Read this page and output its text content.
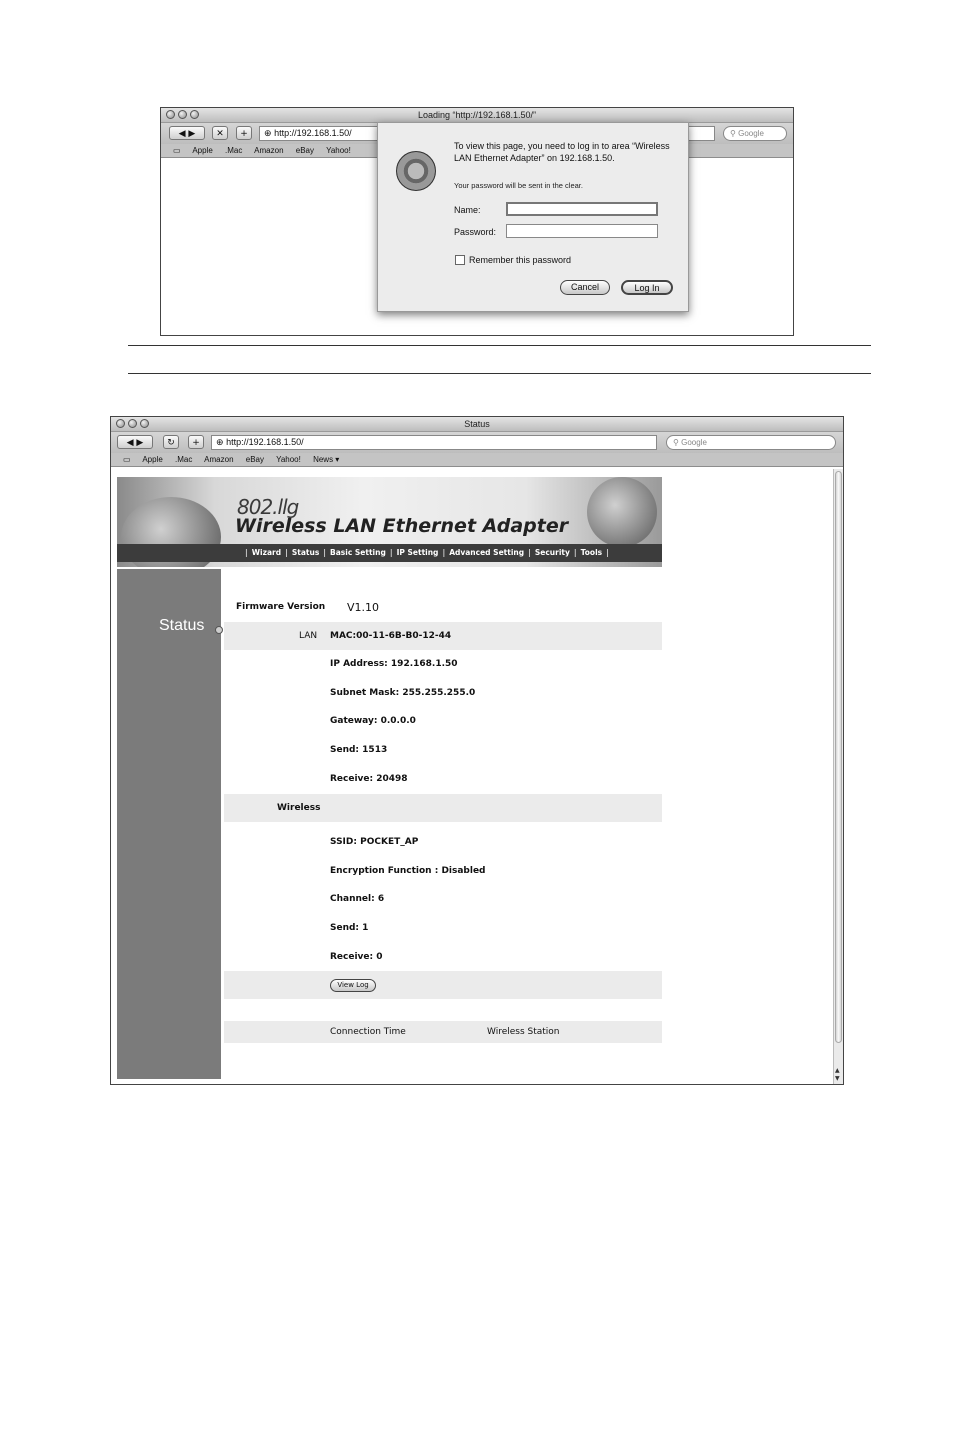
Loading “http://192.168.1.50/”
◀ ▶	✕	+	⊕ http://192.168.1.50/	⚲ Google
▭ Apple .Mac Amazon eBay Yahoo!	To view this page, you need to log in to area “Wireless LAN Ethernet Adapter” on 192.168.1.50.
Your password will be sent in the clear.
Name:
Password:
Remember this password
Cancel	Log In
Status
◀ ▶	↻	+	⊕ http://192.168.1.50/	⚲ Google
▭ Apple .Mac Amazon eBay Yahoo! News ▾
802.llg
Wireless LAN Ethernet Adapter
| Wizard | Status | Basic Setting | IP Setting | Advanced Setting | Security | Tools |
Status
Firmware Version V1.10
LAN MAC:00-11-6B-B0-12-44
IP Address: 192.168.1.50
Subnet Mask: 255.255.255.0
Gateway: 0.0.0.0
Send: 1513
Receive: 20498
Wireless
SSID: POCKET_AP
Encryption Function : Disabled
Channel: 6
Send: 1
Receive: 0
View Log
Connection Time	Wireless Station
▲
▼
